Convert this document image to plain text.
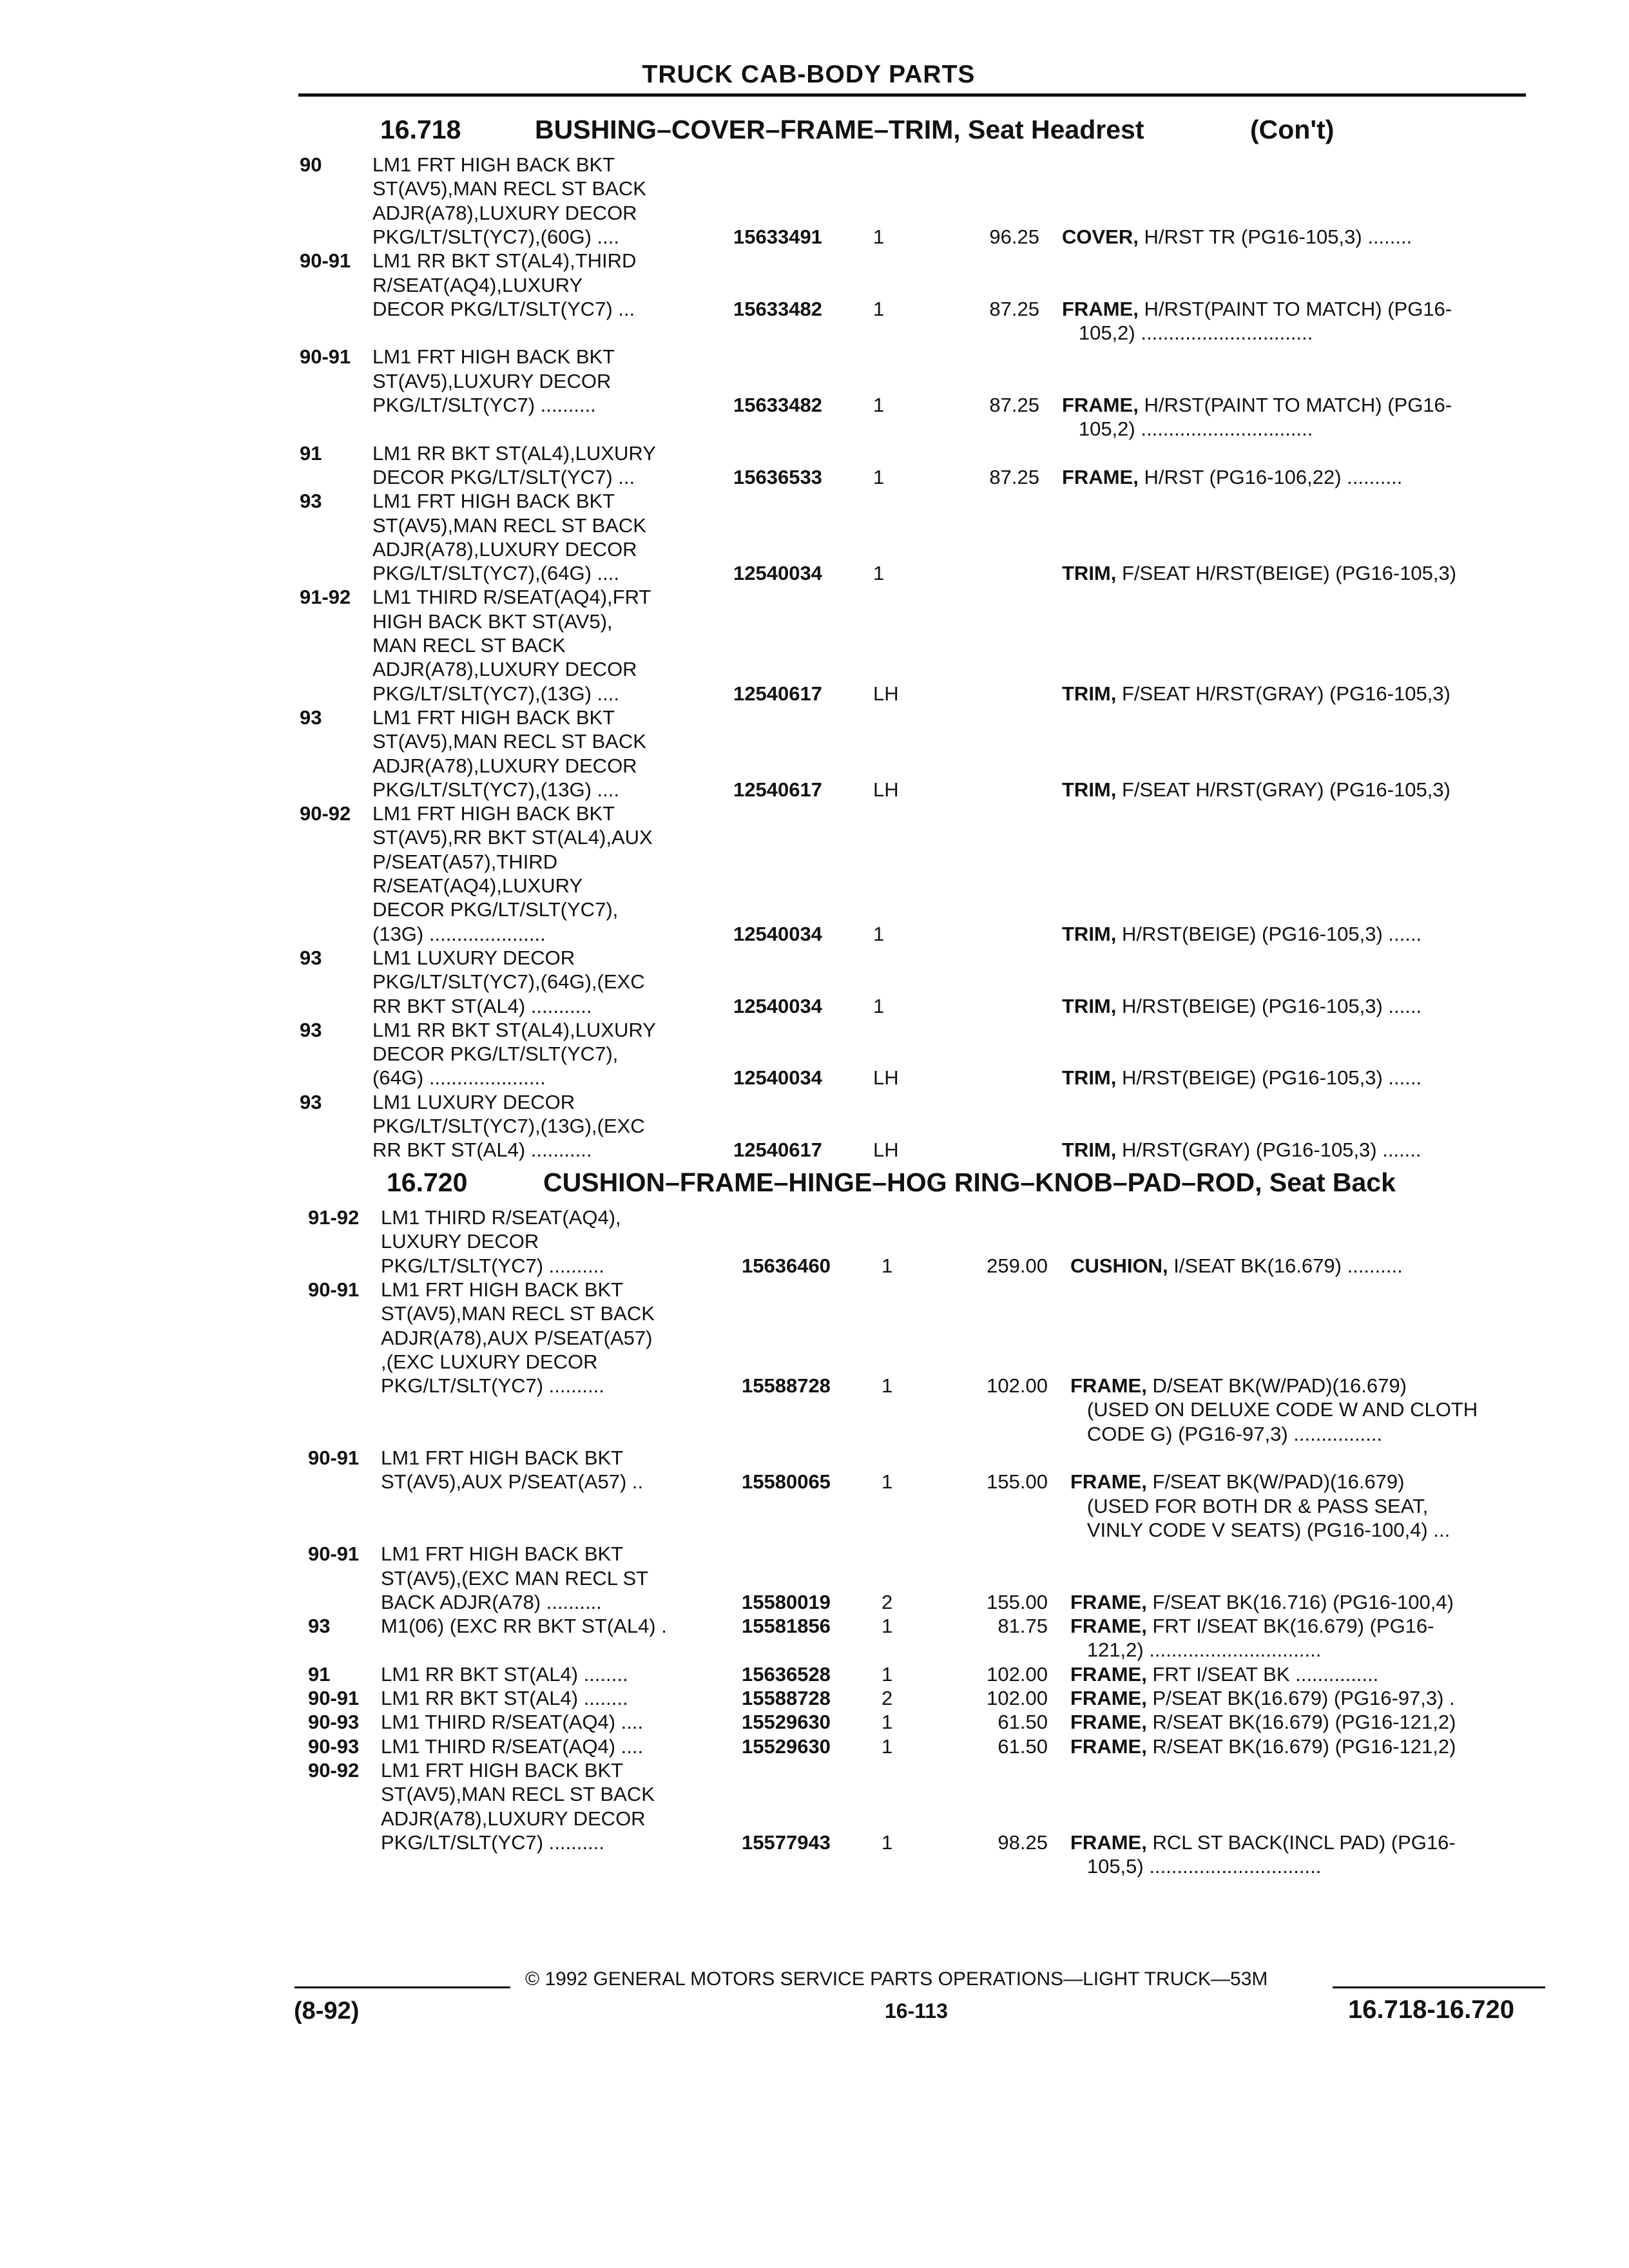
TRUCK CAB-BODY PARTS
16.718	BUSHING–COVER–FRAME–TRIM, Seat Headrest	(Con't)
16.720	CUSHION–FRAME–HINGE–HOG RING–KNOB–PAD–ROD, Seat Back
90	LM1 FRT HIGH BACK BKT
ST(AV5),MAN RECL ST BACK
ADJR(A78),LUXURY DECOR
PKG/LT/SLT(YC7),(60G) ....	15633491	1	96.25 COVER, H/RST TR (PG16-105,3) ........
90-91 LM1 RR BKT ST(AL4),THIRD
R/SEAT(AQ4),LUXURY
DECOR PKG/LT/SLT(YC7) ...	15633482	1	87.25 FRAME, H/RST(PAINT TO MATCH) (PG16-
105,2) ...............................
90-91 LM1 FRT HIGH BACK BKT
ST(AV5),LUXURY DECOR
PKG/LT/SLT(YC7) ..........	15633482	1	87.25 FRAME, H/RST(PAINT TO MATCH) (PG16-
105,2) ...............................
91	LM1 RR BKT ST(AL4),LUXURY
DECOR PKG/LT/SLT(YC7) ...	15636533	1	87.25 FRAME, H/RST (PG16-106,22) ..........
93	LM1 FRT HIGH BACK BKT
ST(AV5),MAN RECL ST BACK
ADJR(A78),LUXURY DECOR
PKG/LT/SLT(YC7),(64G) ....	12540034	1	TRIM, F/SEAT H/RST(BEIGE) (PG16-105,3)
91-92 LM1 THIRD R/SEAT(AQ4),FRT
HIGH BACK BKT ST(AV5),
MAN RECL ST BACK
ADJR(A78),LUXURY DECOR
PKG/LT/SLT(YC7),(13G) ....	12540617	LH	TRIM, F/SEAT H/RST(GRAY) (PG16-105,3)
93	LM1 FRT HIGH BACK BKT
ST(AV5),MAN RECL ST BACK
ADJR(A78),LUXURY DECOR
PKG/LT/SLT(YC7),(13G) ....	12540617	LH	TRIM, F/SEAT H/RST(GRAY) (PG16-105,3)
90-92 LM1 FRT HIGH BACK BKT
ST(AV5),RR BKT ST(AL4),AUX
P/SEAT(A57),THIRD
R/SEAT(AQ4),LUXURY
DECOR PKG/LT/SLT(YC7),
(13G) .....................	12540034	1	TRIM, H/RST(BEIGE) (PG16-105,3) ......
93	LM1 LUXURY DECOR
PKG/LT/SLT(YC7),(64G),(EXC
RR BKT ST(AL4) ...........	12540034	1	TRIM, H/RST(BEIGE) (PG16-105,3) ......
93	LM1 RR BKT ST(AL4),LUXURY
DECOR PKG/LT/SLT(YC7),
(64G) .....................	12540034	LH	TRIM, H/RST(BEIGE) (PG16-105,3) ......
93	LM1 LUXURY DECOR
PKG/LT/SLT(YC7),(13G),(EXC
RR BKT ST(AL4) ...........	12540617	LH	TRIM, H/RST(GRAY) (PG16-105,3) .......
91-92 LM1 THIRD R/SEAT(AQ4),
LUXURY DECOR
PKG/LT/SLT(YC7) ..........	15636460	1	259.00 CUSHION, I/SEAT BK(16.679) ..........
90-91 LM1 FRT HIGH BACK BKT
ST(AV5),MAN RECL ST BACK
ADJR(A78),AUX P/SEAT(A57)
,(EXC LUXURY DECOR
PKG/LT/SLT(YC7) ..........	15588728	1	102.00 FRAME, D/SEAT BK(W/PAD)(16.679)
(USED ON DELUXE CODE W AND CLOTH
CODE G) (PG16-97,3) ................
90-91 LM1 FRT HIGH BACK BKT
ST(AV5),AUX P/SEAT(A57) ..	15580065	1	155.00 FRAME, F/SEAT BK(W/PAD)(16.679)
(USED FOR BOTH DR & PASS SEAT,
VINLY CODE V SEATS) (PG16-100,4) ...
90-91 LM1 FRT HIGH BACK BKT
ST(AV5),(EXC MAN RECL ST
BACK ADJR(A78) ..........	15580019	2	155.00 FRAME, F/SEAT BK(16.716) (PG16-100,4)
93	M1(06) (EXC RR BKT ST(AL4) .	15581856	1	81.75 FRAME, FRT I/SEAT BK(16.679) (PG16-
121,2) ...............................
91	LM1 RR BKT ST(AL4) ........	15636528	1	102.00 FRAME, FRT I/SEAT BK ...............
90-91 LM1 RR BKT ST(AL4) ........	15588728	2	102.00 FRAME, P/SEAT BK(16.679) (PG16-97,3) .
90-93 LM1 THIRD R/SEAT(AQ4) ....	15529630	1	61.50 FRAME, R/SEAT BK(16.679) (PG16-121,2)
90-93 LM1 THIRD R/SEAT(AQ4) ....	15529630	1	61.50 FRAME, R/SEAT BK(16.679) (PG16-121,2)
90-92 LM1 FRT HIGH BACK BKT
ST(AV5),MAN RECL ST BACK
ADJR(A78),LUXURY DECOR
PKG/LT/SLT(YC7) ..........	15577943	1	98.25 FRAME, RCL ST BACK(INCL PAD) (PG16-
105,5) ...............................
© 1992 GENERAL MOTORS SERVICE PARTS OPERATIONS—LIGHT TRUCK—53M
(8-92)	16-113	16.718-16.720
